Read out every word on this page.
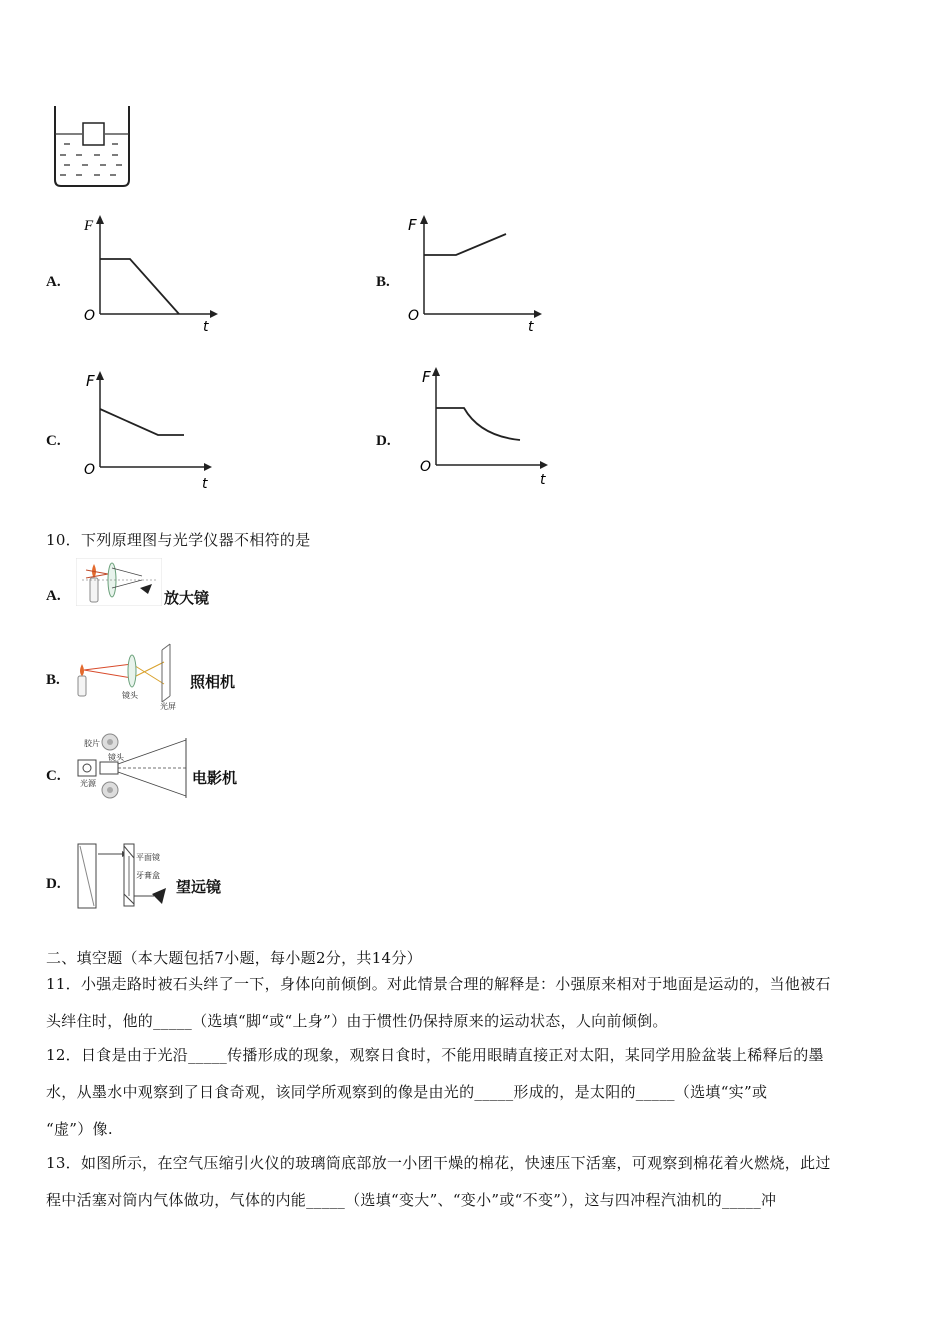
A.
F
O
t
B.
F
O
t
C.
F
O
t
D.
F
O
t
10．下列原理图与光学仪器不相符的是
A.	放大镜
B.
镜头
光屏
照相机
C.
胶片
镜头
光源	电影机
D.
平面镜
牙膏盒
望远镜
二、填空题（本大题包括7小题，每小题2分，共14分）
11．小强走路时被石头绊了一下，身体向前倾倒。对此情景合理的解释是：小强原来相对于地面是运动的，当他被石
头绊住时，他的_____（选填“脚“或“上身”）由于惯性仍保持原来的运动状态，人向前倾倒。
12．日食是由于光沿_____传播形成的现象，观察日食时，不能用眼睛直接正对太阳，某同学用脸盆装上稀释后的墨
水，从墨水中观察到了日食奇观，该同学所观察到的像是由光的_____形成的，是太阳的_____（选填“实”或
“虚”）像.
13．如图所示，在空气压缩引火仪的玻璃筒底部放一小团干燥的棉花，快速压下活塞，可观察到棉花着火燃烧，此过
程中活塞对筒内气体做功，气体的内能_____（选填“变大”、“变小”或“不变”），这与四冲程汽油机的_____冲
